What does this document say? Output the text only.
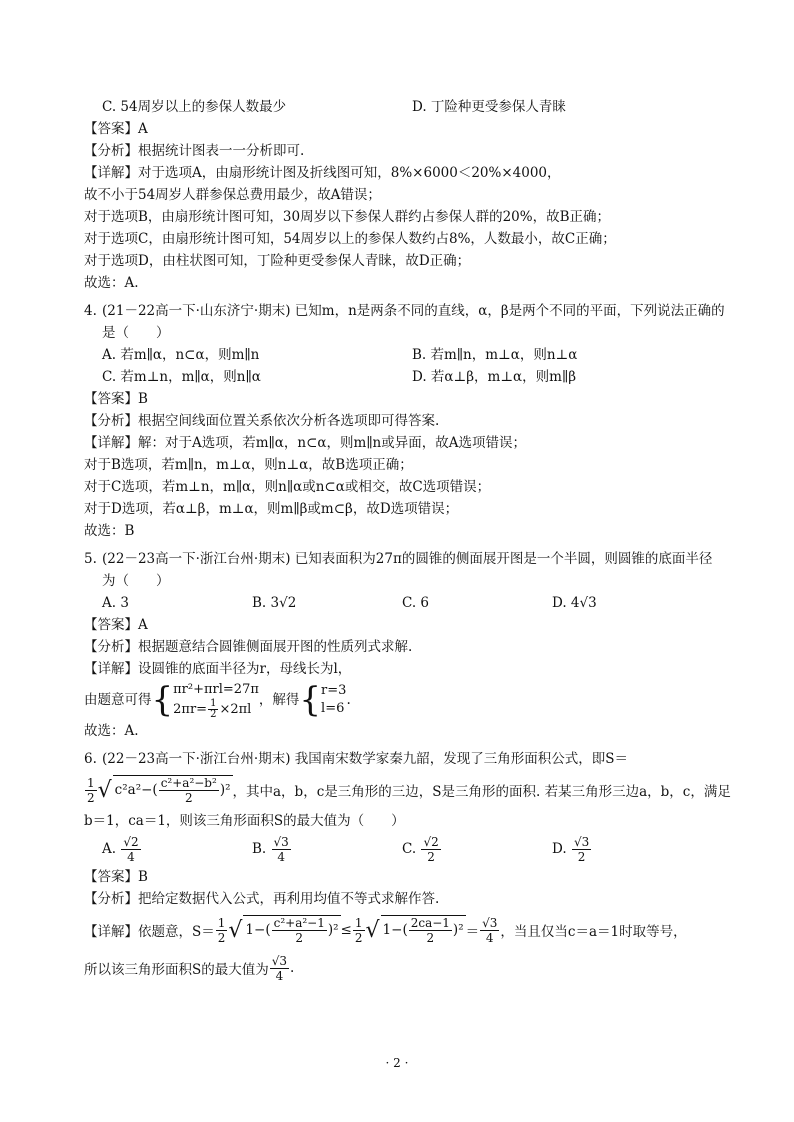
C. 54周岁以上的参保人数最少	D. 丁险种更受参保人青睐
【答案】A
【分析】根据统计图表一一分析即可.
【详解】对于选项A，由扇形统计图及折线图可知，8%×6000＜20%×4000，
故不小于54周岁人群参保总费用最少，故A错误；
对于选项B，由扇形统计图可知，30周岁以下参保人群约占参保人群的20%，故B正确；
对于选项C，由扇形统计图可知，54周岁以上的参保人数约占8%，人数最小，故C正确；
对于选项D，由柱状图可知，丁险种更受参保人青睐，故D正确；
故选：A.
4. (21－22高一下·山东济宁·期末) 已知m，n是两条不同的直线，α，β是两个不同的平面，下列说法正确的
是（　　）
A. 若m∥α，n⊂α，则m∥n	B. 若m∥n，m⊥α，则n⊥α
C. 若m⊥n，m∥α，则n∥α	D. 若α⊥β，m⊥α，则m∥β
【答案】B
【分析】根据空间线面位置关系依次分析各选项即可得答案.
【详解】解：对于A选项，若m∥α，n⊂α，则m∥n或异面，故A选项错误；
对于B选项，若m∥n，m⊥α，则n⊥α，故B选项正确；
对于C选项，若m⊥n，m∥α，则n∥α或n⊂α或相交，故C选项错误；
对于D选项，若α⊥β，m⊥α，则m∥β或m⊂β，故D选项错误；
故选：B
5. (22－23高一下·浙江台州·期末) 已知表面积为27π的圆锥的侧面展开图是一个半圆，则圆锥的底面半径
为（　　）
A. 3	B. 3√2	C. 6	D. 4√3
【答案】A
【分析】根据题意结合圆锥侧面展开图的性质列式求解.
【详解】设圆锥的底面半径为r，母线长为l，
由题意可得 { πr²+πrl=27π
$2\pi r= \frac{1}{2} \times 2\pi l$
，解得 { r=3
l=6
.
故选：A.
6. (22－23高一下·浙江台州·期末) 我国南宋数学家秦九韶，发现了三角形面积公式，即S＝
$\frac{1}{2}$ √ $c^2a^2-( \frac{\text{c²+a²−b²}}{2} )^2$ ，其中a，b，c是三角形的三边，S是三角形的面积. 若某三角形三边a，b，c，满足
b＝1，ca＝1，则该三角形面积S的最大值为（　　）
A. $\frac{√2}{4}$	B. $\frac{√3}{4}$	C. $\frac{√2}{2}$	D. $\frac{√3}{2}$
【答案】B
【分析】把给定数据代入公式，再利用均值不等式求解作答.
【详解】依题意，$S= \frac{1}{2}$ √ $1-( \frac{\text{c²+a²−1}}{2} )^2 \le \frac{1}{2}$ √ $1-( \frac{2ca-1}{2} )^2 = \frac{√3}{4}$ ，当且仅当c＝a＝1时取等号，
所以该三角形面积S的最大值为 $\frac{√3}{4}$ .
· 2 ·
